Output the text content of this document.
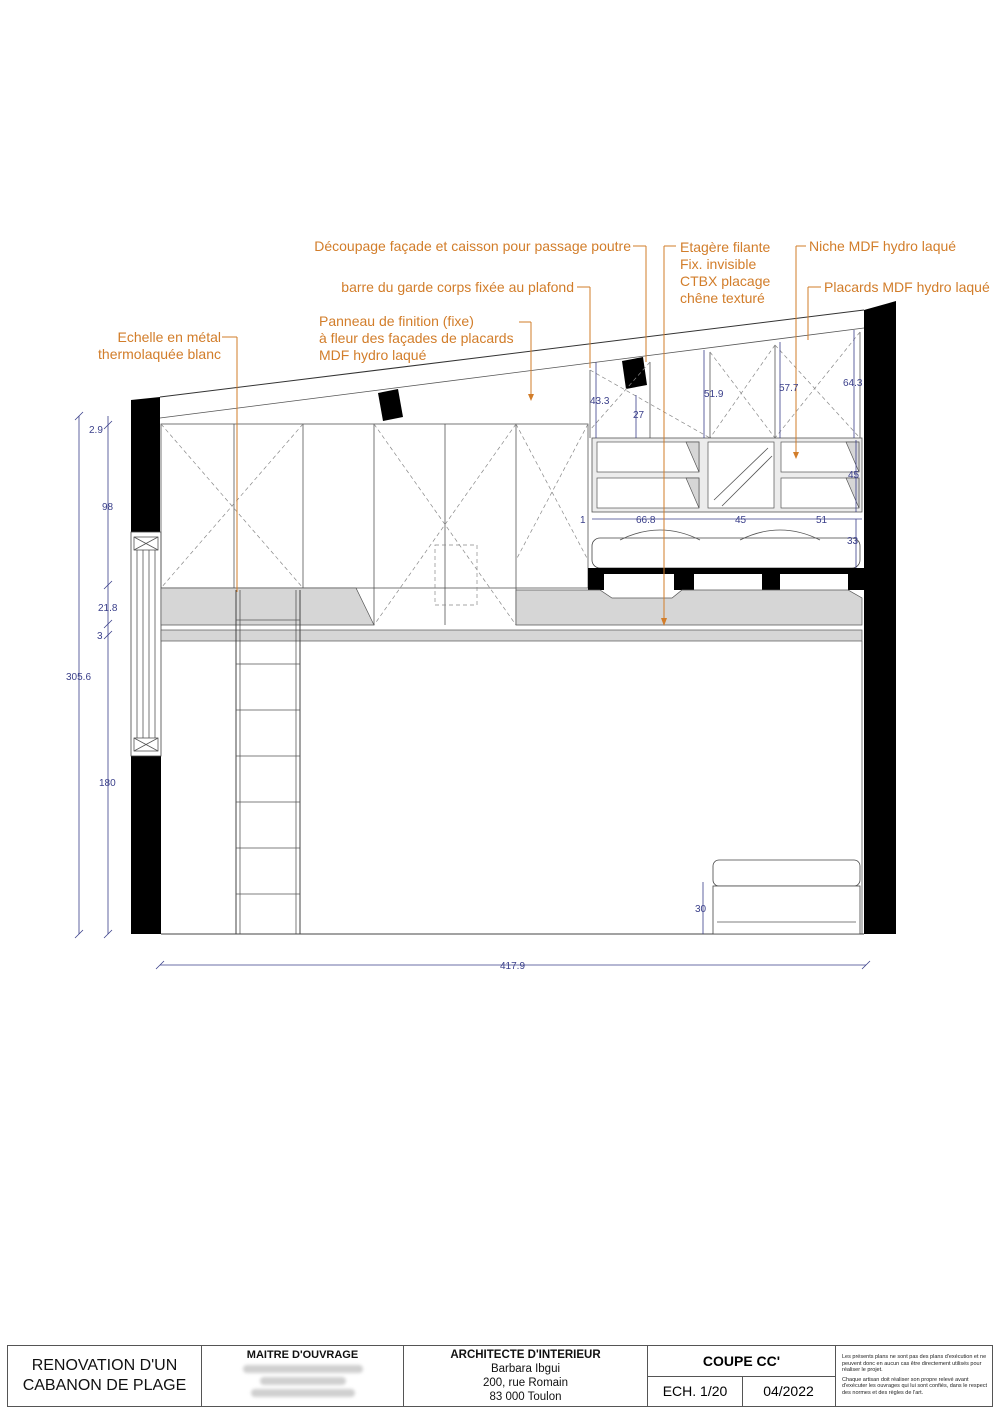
Découpage façade et caisson pour passage poutre
barre du garde corps fixée au plafond
Panneau de finition (fixe)
à fleur des façades de placards
MDF hydro laqué
Echelle en métal
thermolaquée blanc
Etagère filante
Fix. invisible
CTBX placage
chêne texturé
Niche MDF hydro laqué
Placards MDF hydro laqué
2.9
98
21.8
3
305.6
180
43.3
27
51.9
57.7	64.3
45
1	66.8	45	51
33
30
417.9
RENOVATION D'UN
CABANON DE PLAGE
MAITRE D'OUVRAGE	ARCHITECTE D'INTERIEUR
Barbara Ibgui
200, rue Romain
83 000 Toulon
COUPE CC'
ECH. 1/20	04/2022

Les présents plans ne sont pas des plans d'exécution et ne peuvent donc en aucun cas être directement utilisés pour réaliser le projet.

Chaque artisan doit réaliser son propre relevé avant d'exécuter les ouvrages qui lui sont confiés, dans le respect des normes et des règles de l'art.
